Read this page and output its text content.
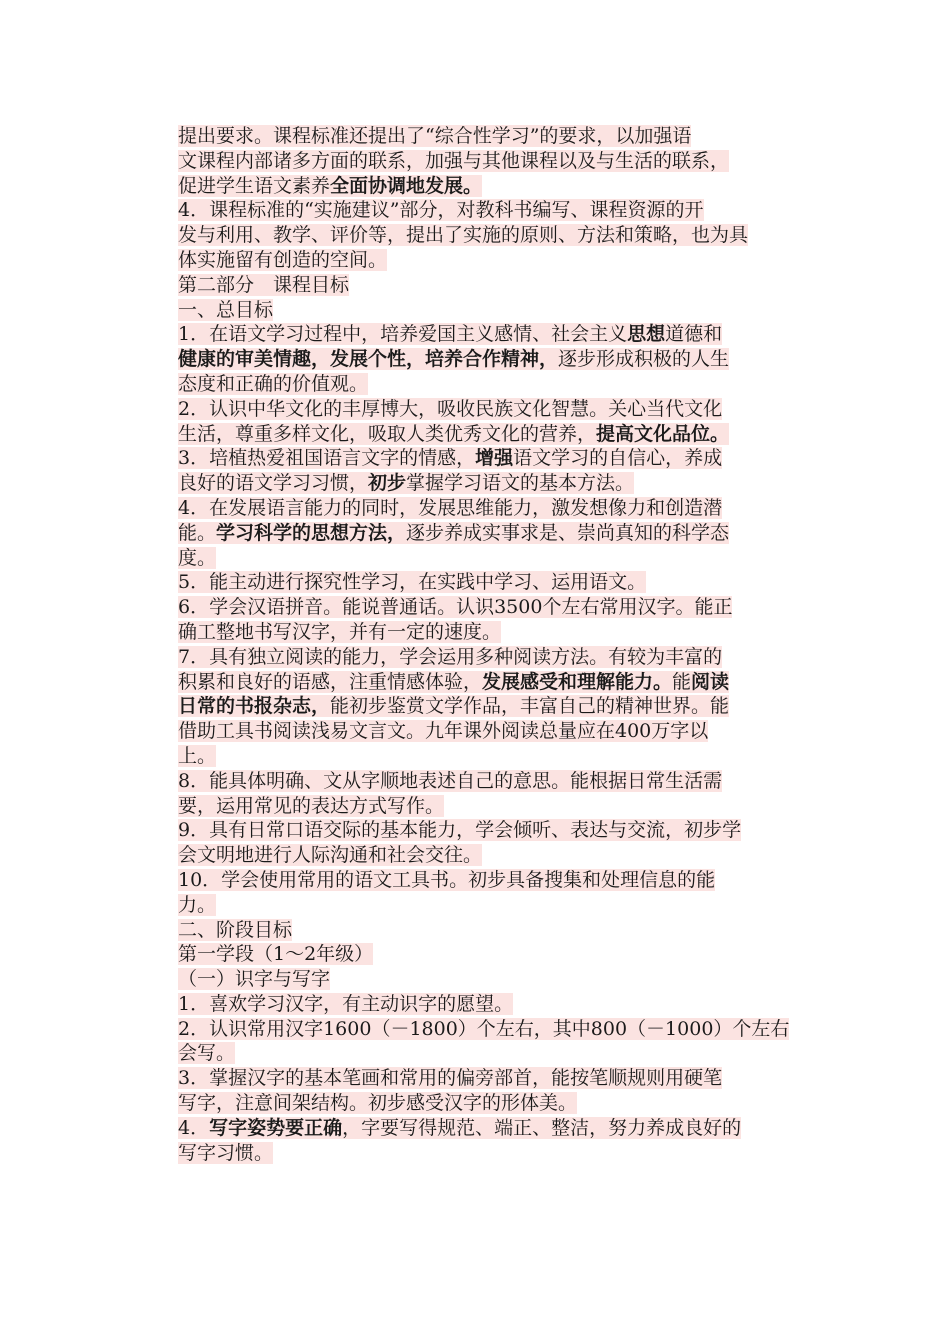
提出要求。课程标准还提出了“综合性学习”的要求，以加强语
文课程内部诸多方面的联系，加强与其他课程以及与生活的联系，
促进学生语文素养全面协调地发展。
4．课程标准的“实施建议”部分，对教科书编写、课程资源的开
发与利用、教学、评价等，提出了实施的原则、方法和策略，也为具
体实施留有创造的空间。
第二部分　课程目标
一、总目标
1．在语文学习过程中，培养爱国主义感情、社会主义思想道德和
健康的审美情趣，发展个性，培养合作精神，逐步形成积极的人生
态度和正确的价值观。
2．认识中华文化的丰厚博大，吸收民族文化智慧。关心当代文化
生活，尊重多样文化，吸取人类优秀文化的营养，提高文化品位。
3．培植热爱祖国语言文字的情感，增强语文学习的自信心，养成
良好的语文学习习惯，初步掌握学习语文的基本方法。
4．在发展语言能力的同时，发展思维能力，激发想像力和创造潜
能。学习科学的思想方法，逐步养成实事求是、崇尚真知的科学态
度。
5．能主动进行探究性学习，在实践中学习、运用语文。
6．学会汉语拼音。能说普通话。认识3500个左右常用汉字。能正
确工整地书写汉字，并有一定的速度。
7．具有独立阅读的能力，学会运用多种阅读方法。有较为丰富的
积累和良好的语感，注重情感体验，发展感受和理解能力。能阅读
日常的书报杂志，能初步鉴赏文学作品，丰富自己的精神世界。能
借助工具书阅读浅易文言文。九年课外阅读总量应在400万字以
上。
8．能具体明确、文从字顺地表述自己的意思。能根据日常生活需
要，运用常见的表达方式写作。
9．具有日常口语交际的基本能力，学会倾听、表达与交流，初步学
会文明地进行人际沟通和社会交往。
10．学会使用常用的语文工具书。初步具备搜集和处理信息的能
力。
二、阶段目标
第一学段（1～2年级）
（一）识字与写字
1．喜欢学习汉字，有主动识字的愿望。
2．认识常用汉字1600（－1800）个左右，其中800（－1000）个左右
会写。
3．掌握汉字的基本笔画和常用的偏旁部首，能按笔顺规则用硬笔
写字，注意间架结构。初步感受汉字的形体美。
4．写字姿势要正确，字要写得规范、端正、整洁，努力养成良好的
写字习惯。
